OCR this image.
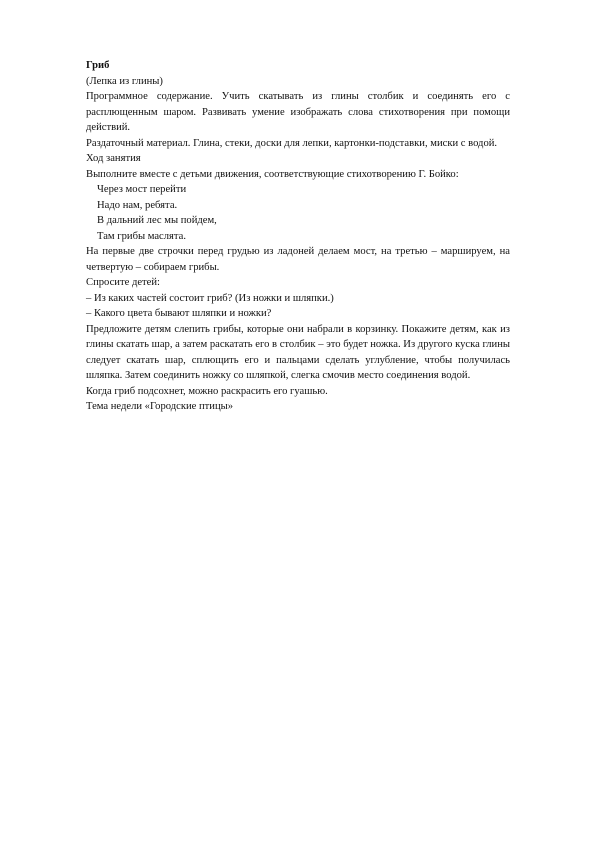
Гриб

(Лепка из глины)

Программное содержание. Учить скатывать из глины столбик и соединять его с расплющенным шаром. Развивать умение изображать слова стихотворения при помощи действий.

Раздаточный материал. Глина, стеки, доски для лепки, картонки-подставки, миски с водой.

Ход занятия

Выполните вместе с детьми движения, соответствующие стихотворению Г. Бойко:

Через мост перейти

Надо нам, ребята.

В дальний лес мы пойдем,

Там грибы маслята.

На первые две строчки перед грудью из ладоней делаем мост, на третью – маршируем, на четвертую – собираем грибы.

Спросите детей:

– Из каких частей состоит гриб? (Из ножки и шляпки.)

– Какого цвета бывают шляпки и ножки?

Предложите детям слепить грибы, которые они набрали в корзинку. Покажите детям, как из глины скатать шар, а затем раскатать его в столбик – это будет ножка. Из другого куска глины следует скатать шар, сплющить его и пальцами сделать углубление, чтобы получилась шляпка. Затем соединить ножку со шляпкой, слегка смочив место соединения водой.

Когда гриб подсохнет, можно раскрасить его гуашью.

Тема недели «Городские птицы»
